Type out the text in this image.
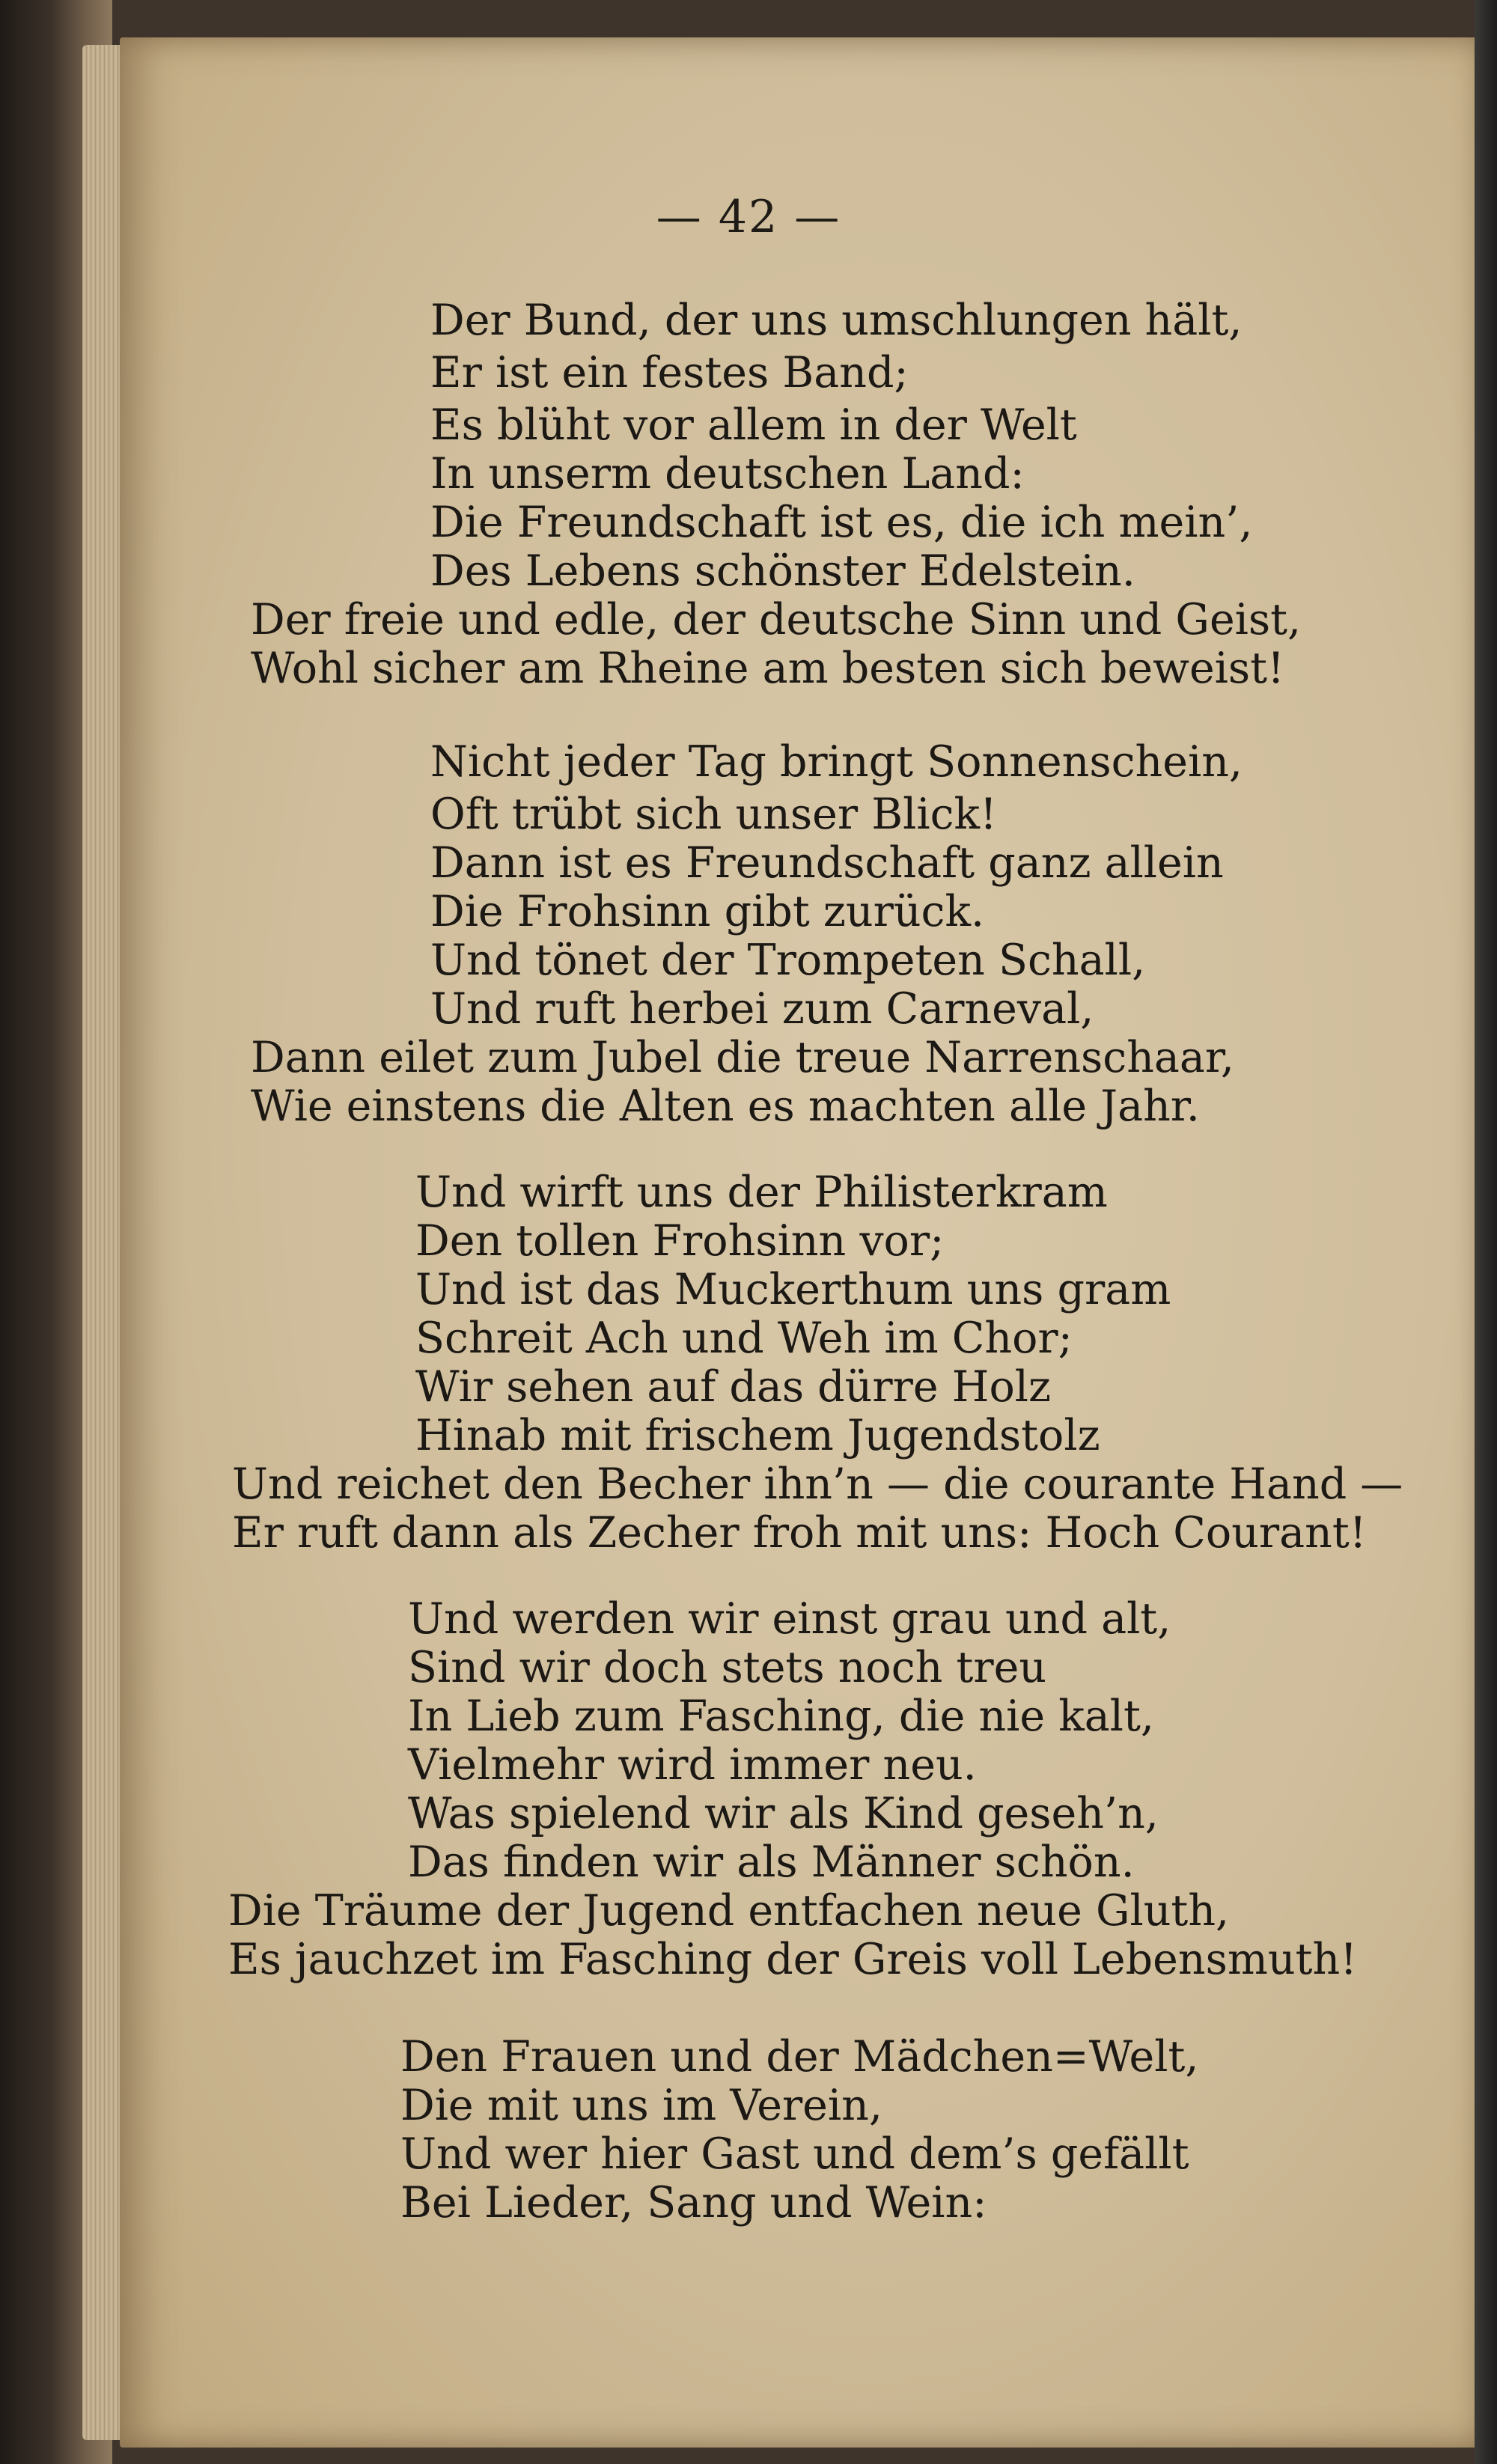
— 42 —
Der Bund, der uns umschlungen hält,
Er ist ein festes Band;
Es blüht vor allem in der Welt
In unserm deutschen Land:
Die Freundschaft ist es, die ich mein’,
Des Lebens schönster Edelstein.
Der freie und edle, der deutsche Sinn und Geist,
Wohl sicher am Rheine am besten sich beweist!
Nicht jeder Tag bringt Sonnenschein,
Oft trübt sich unser Blick!
Dann ist es Freundschaft ganz allein
Die Frohsinn gibt zurück.
Und tönet der Trompeten Schall,
Und ruft herbei zum Carneval,
Dann eilet zum Jubel die treue Narrenschaar,
Wie einstens die Alten es machten alle Jahr.
Und wirft uns der Philisterkram
Den tollen Frohsinn vor;
Und ist das Muckerthum uns gram
Schreit Ach und Weh im Chor;
Wir sehen auf das dürre Holz
Hinab mit frischem Jugendstolz
Und reichet den Becher ihn’n — die courante Hand —
Er ruft dann als Zecher froh mit uns: Hoch Courant!
Und werden wir einst grau und alt,
Sind wir doch stets noch treu
In Lieb zum Fasching, die nie kalt,
Vielmehr wird immer neu.
Was spielend wir als Kind geseh’n,
Das finden wir als Männer schön.
Die Träume der Jugend entfachen neue Gluth,
Es jauchzet im Fasching der Greis voll Lebensmuth!
Den Frauen und der Mädchen=Welt,
Die mit uns im Verein,
Und wer hier Gast und dem’s gefällt
Bei Lieder, Sang und Wein:
